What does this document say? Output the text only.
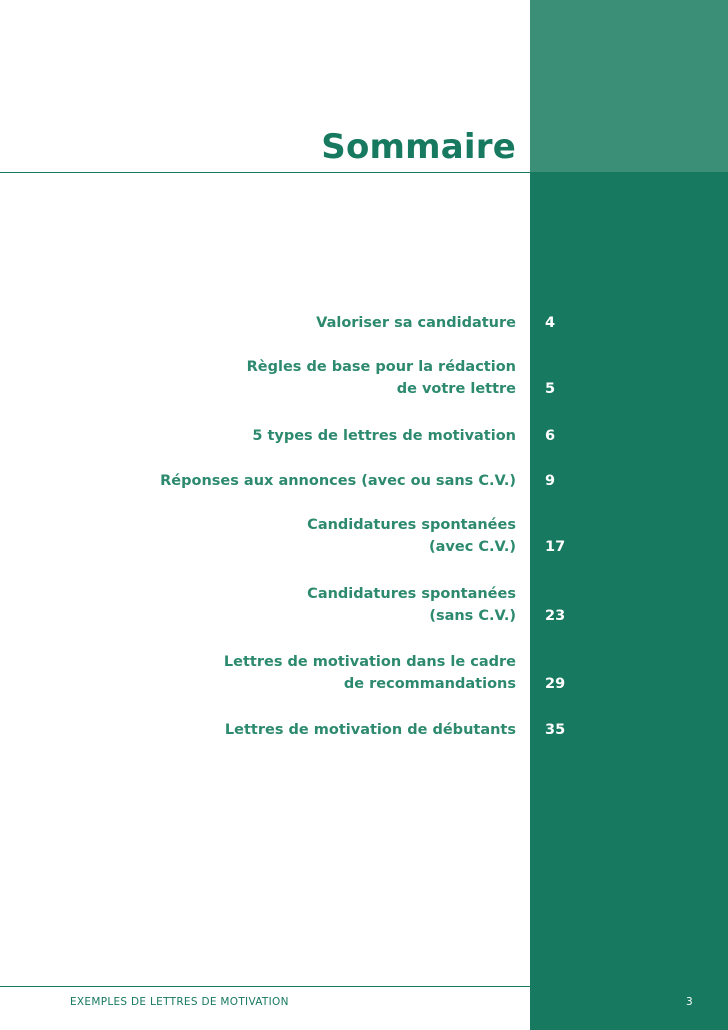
Sommaire
Valoriser sa candidature 4
Règles de base pour la rédaction
de votre lettre 5
5 types de lettres de motivation 6
Réponses aux annonces (avec ou sans C.V.) 9
Candidatures spontanées
(avec C.V.) 17
Candidatures spontanées
(sans C.V.) 23
Lettres de motivation dans le cadre
de recommandations 29
Lettres de motivation de débutants 35
EXEMPLES DE LETTRES DE MOTIVATION	3
